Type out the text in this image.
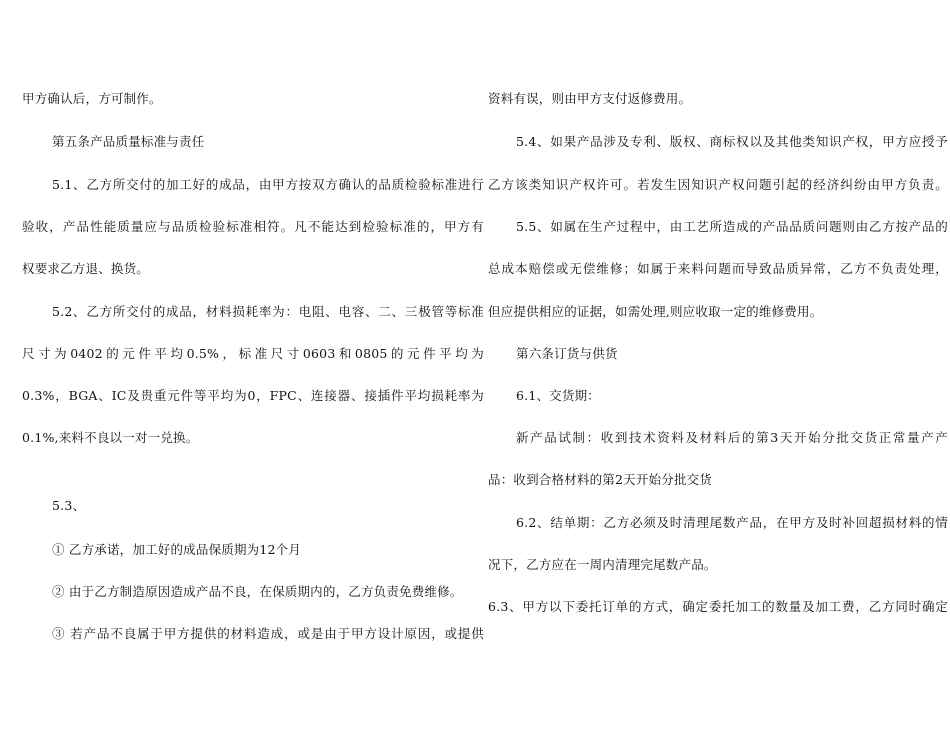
甲方确认后，方可制作。
第五条产品质量标准与责任
5.1、乙方所交付的加工好的成品，由甲方按双方确认的品质检验标准进行
验收，产品性能质量应与品质检验标准相符。凡不能达到检验标准的，甲方有
权要求乙方退、换货。
5.2、乙方所交付的成品，材料损耗率为：电阻、电容、二、三极管等标准
尺寸为0402的元件平均0.5%，标准尺寸0603和0805的元件平均为
0.3%，BGA、IC及贵重元件等平均为0，FPC、连接器、接插件平均损耗率为
0.1%,来料不良以一对一兑换。
5.3、
① 乙方承诺，加工好的成品保质期为12个月
② 由于乙方制造原因造成产品不良，在保质期内的，乙方负责免费维修。
③ 若产品不良属于甲方提供的材料造成，或是由于甲方设计原因，或提供
资料有误，则由甲方支付返修费用。
5.4、如果产品涉及专利、版权、商标权以及其他类知识产权，甲方应授予
乙方该类知识产权许可。若发生因知识产权问题引起的经济纠纷由甲方负责。
5.5、如属在生产过程中，由工艺所造成的产品品质问题则由乙方按产品的
总成本赔偿或无偿维修；如属于来料问题而导致品质异常，乙方不负责处理，
但应提供相应的证据，如需处理,则应收取一定的维修费用。
第六条订货与供货
6.1、交货期：
新产品试制：收到技术资料及材料后的第3天开始分批交货正常量产产
品：收到合格材料的第2天开始分批交货
6.2、结单期：乙方必须及时清理尾数产品，在甲方及时补回超损材料的情
况下，乙方应在一周内清理完尾数产品。
6.3、甲方以下委托订单的方式，确定委托加工的数量及加工费，乙方同时确定
